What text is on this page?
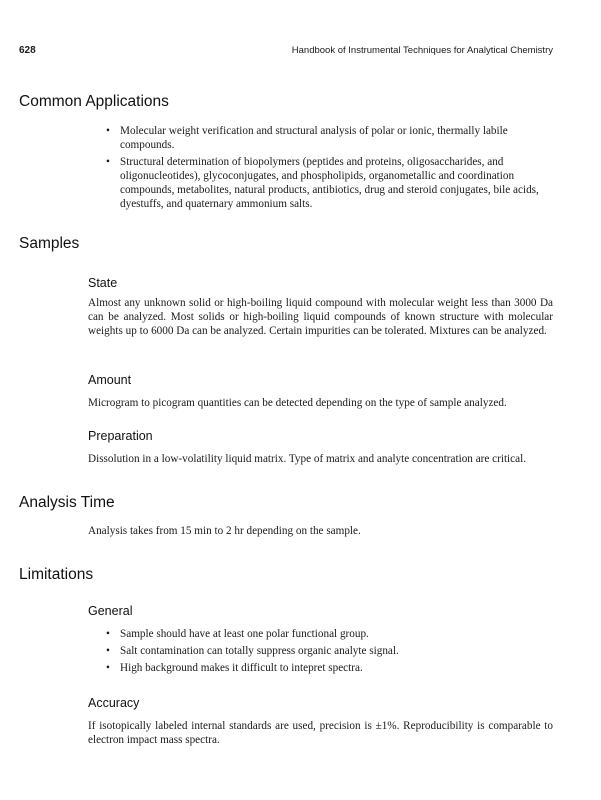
628	Handbook of Instrumental Techniques for Analytical Chemistry
Common Applications
• Molecular weight verification and structural analysis of polar or ionic, thermally labile compounds.
• Structural determination of biopolymers (peptides and proteins, oligosaccharides, and oligonucleotides), glycoconjugates, and phospholipids, organometallic and coordination compounds, metabolites, natural products, antibiotics, drug and steroid conjugates, bile acids, dyestuffs, and quaternary ammonium salts.
Samples
State

Almost any unknown solid or high-boiling liquid compound with molecular weight less than 3000 Da can be analyzed. Most solids or high-boiling liquid compounds of known structure with molecular weights up to 6000 Da can be analyzed. Certain impurities can be tolerated. Mixtures can be analyzed.

Amount

Microgram to picogram quantities can be detected depending on the type of sample analyzed.

Preparation

Dissolution in a low-volatility liquid matrix. Type of matrix and analyte concentration are critical.

Analysis Time

Analysis takes from 15 min to 2 hr depending on the sample.

Limitations
General
• Sample should have at least one polar functional group.
• Salt contamination can totally suppress organic analyte signal.
• High background makes it difficult to intepret spectra.
Accuracy

If isotopically labeled internal standards are used, precision is ±1%. Reproducibility is comparable to electron impact mass spectra.
